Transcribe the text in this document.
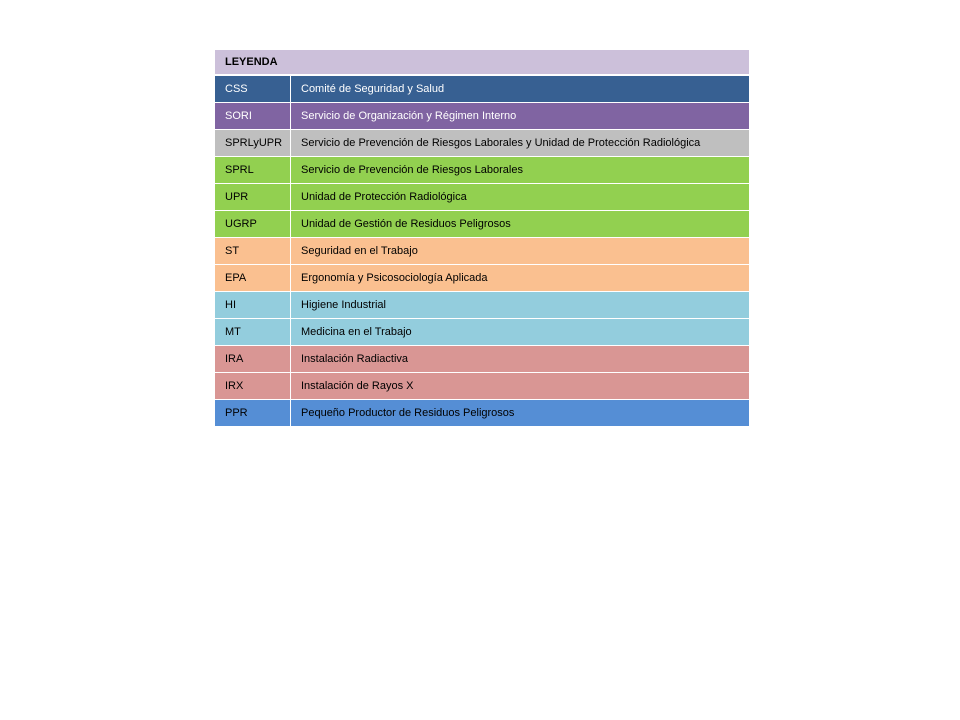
LEYENDA
CSS	Comité de Seguridad y Salud
SORI	Servicio de Organización y Régimen Interno
SPRLyUPR	Servicio de Prevención de Riesgos Laborales y Unidad de Protección Radiológica
SPRL	Servicio de Prevención de Riesgos Laborales
UPR	Unidad de Protección Radiológica
UGRP	Unidad de Gestión de Residuos Peligrosos
ST	Seguridad en el Trabajo
EPA	Ergonomía y Psicosociología Aplicada
HI	Higiene Industrial
MT	Medicina en el Trabajo
IRA	Instalación Radiactiva
IRX	Instalación de Rayos X
PPR	Pequeño Productor de Residuos Peligrosos
